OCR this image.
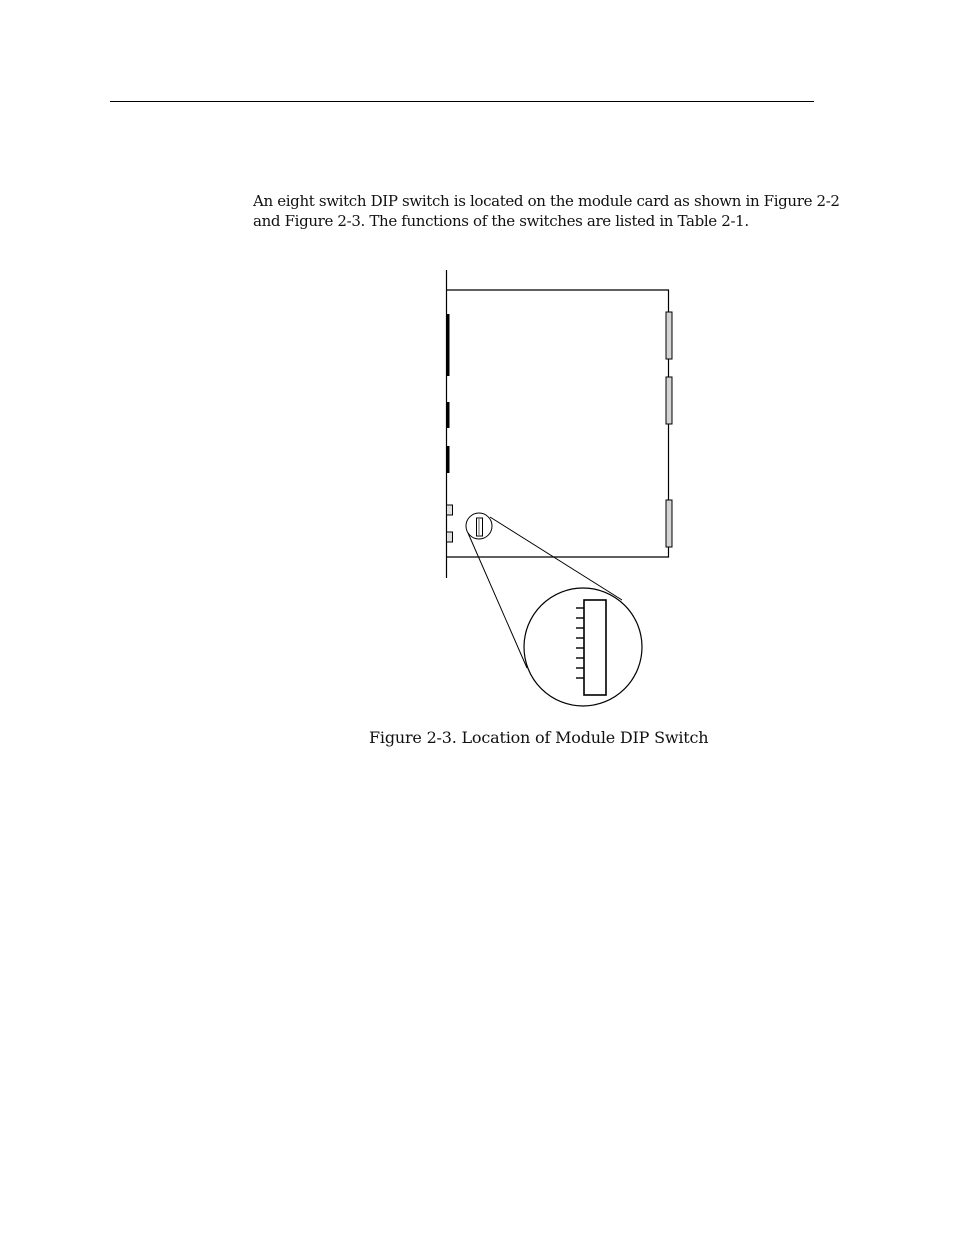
An eight switch DIP switch is located on the module card as shown in Figure 2-2

and Figure 2-3. The functions of the switches are listed in Table 2-1.

Figure 2-3. Location of Module DIP Switch
